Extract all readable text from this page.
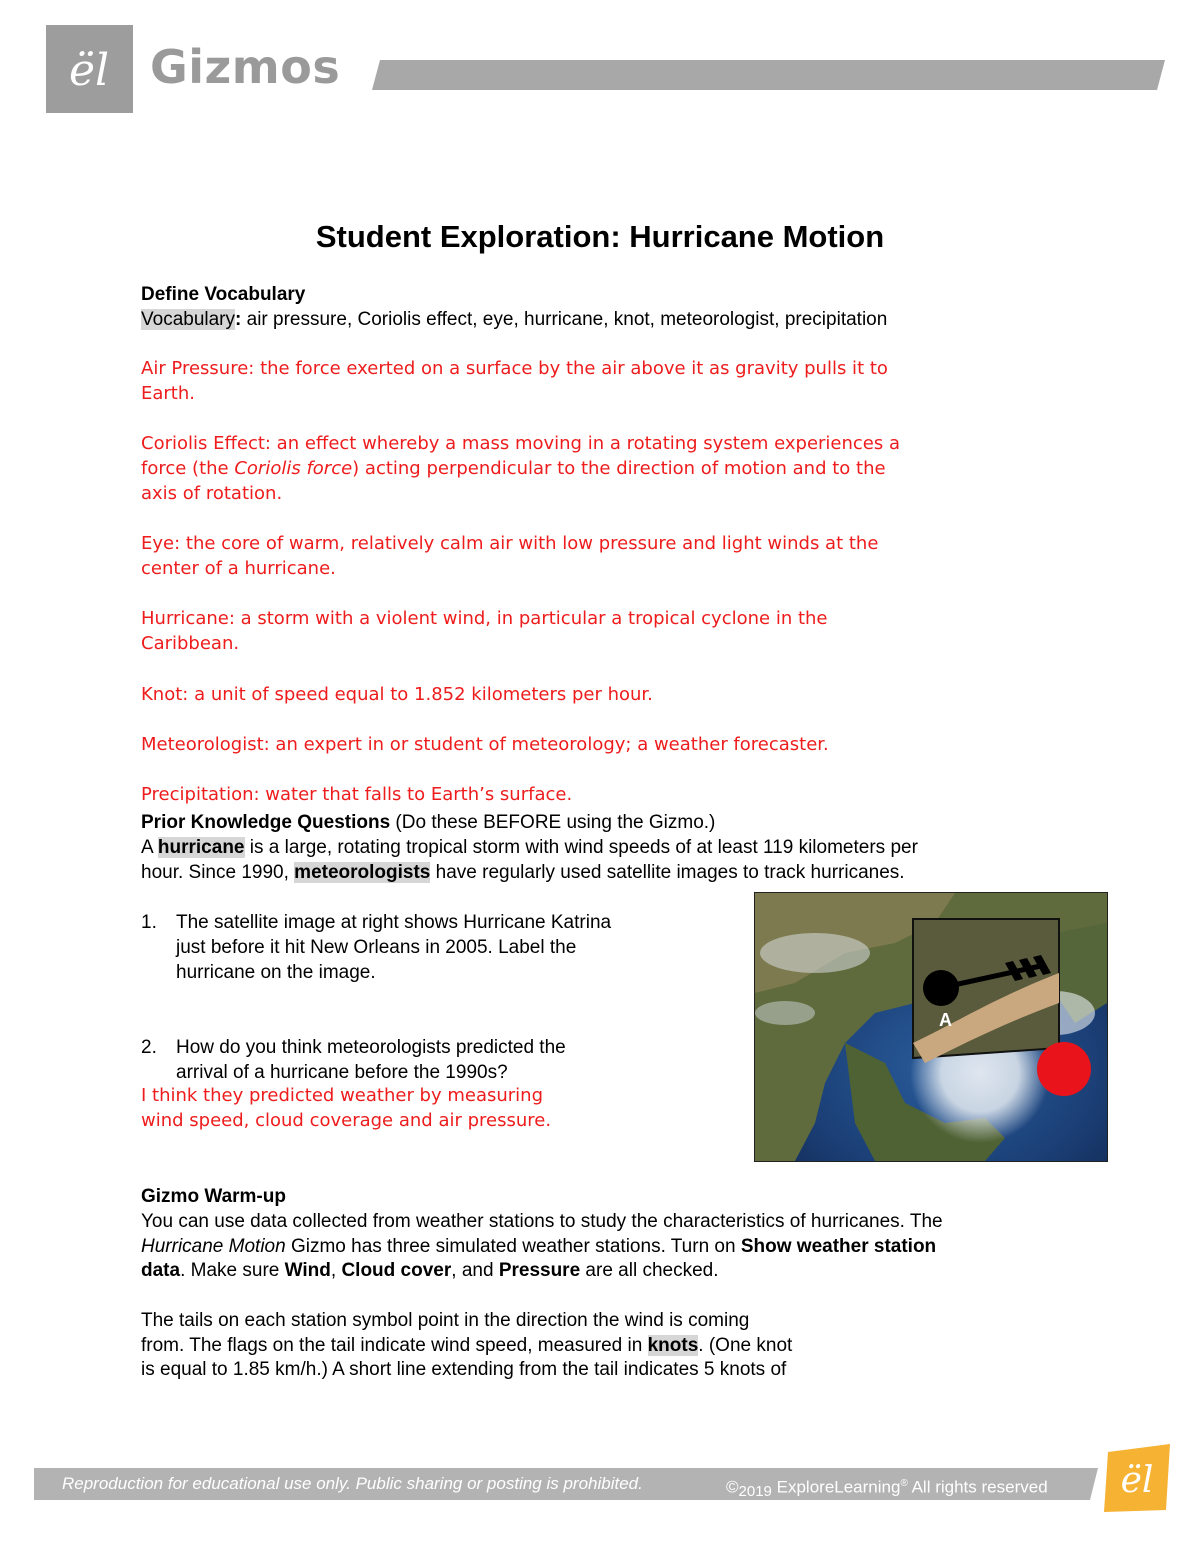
ël Gizmos
Student Exploration: Hurricane Motion
Define Vocabulary
Vocabulary: air pressure, Coriolis effect, eye, hurricane, knot, meteorologist, precipitation
Air Pressure: the force exerted on a surface by the air above it as gravity pulls it to
Earth.
Coriolis Effect: an effect whereby a mass moving in a rotating system experiences a
force (the Coriolis force) acting perpendicular to the direction of motion and to the
axis of rotation.
Eye: the core of warm, relatively calm air with low pressure and light winds at the
center of a hurricane.
Hurricane: a storm with a violent wind, in particular a tropical cyclone in the
Caribbean.
Knot: a unit of speed equal to 1.852 kilometers per hour.
Meteorologist: an expert in or student of meteorology; a weather forecaster.
Precipitation: water that falls to Earth’s surface.
Prior Knowledge Questions (Do these BEFORE using the Gizmo.)
A hurricane is a large, rotating tropical storm with wind speeds of at least 119 kilometers per
hour. Since 1990, meteorologists have regularly used satellite images to track hurricanes.
1. The satellite image at right shows Hurricane Katrina
just before it hit New Orleans in 2005. Label the
hurricane on the image.
2. How do you think meteorologists predicted the
arrival of a hurricane before the 1990s?
I think they predicted weather by measuring
wind speed, cloud coverage and air pressure.
A
Gizmo Warm-up
You can use data collected from weather stations to study the characteristics of hurricanes. The
Hurricane Motion Gizmo has three simulated weather stations. Turn on Show weather station
data. Make sure Wind, Cloud cover, and Pressure are all checked.
The tails on each station symbol point in the direction the wind is coming
from. The flags on the tail indicate wind speed, measured in knots. (One knot
is equal to 1.85 km/h.) A short line extending from the tail indicates 5 knots of
Reproduction for educational use only. Public sharing or posting is prohibited.	©2019 ExploreLearning® All rights reserved ël
